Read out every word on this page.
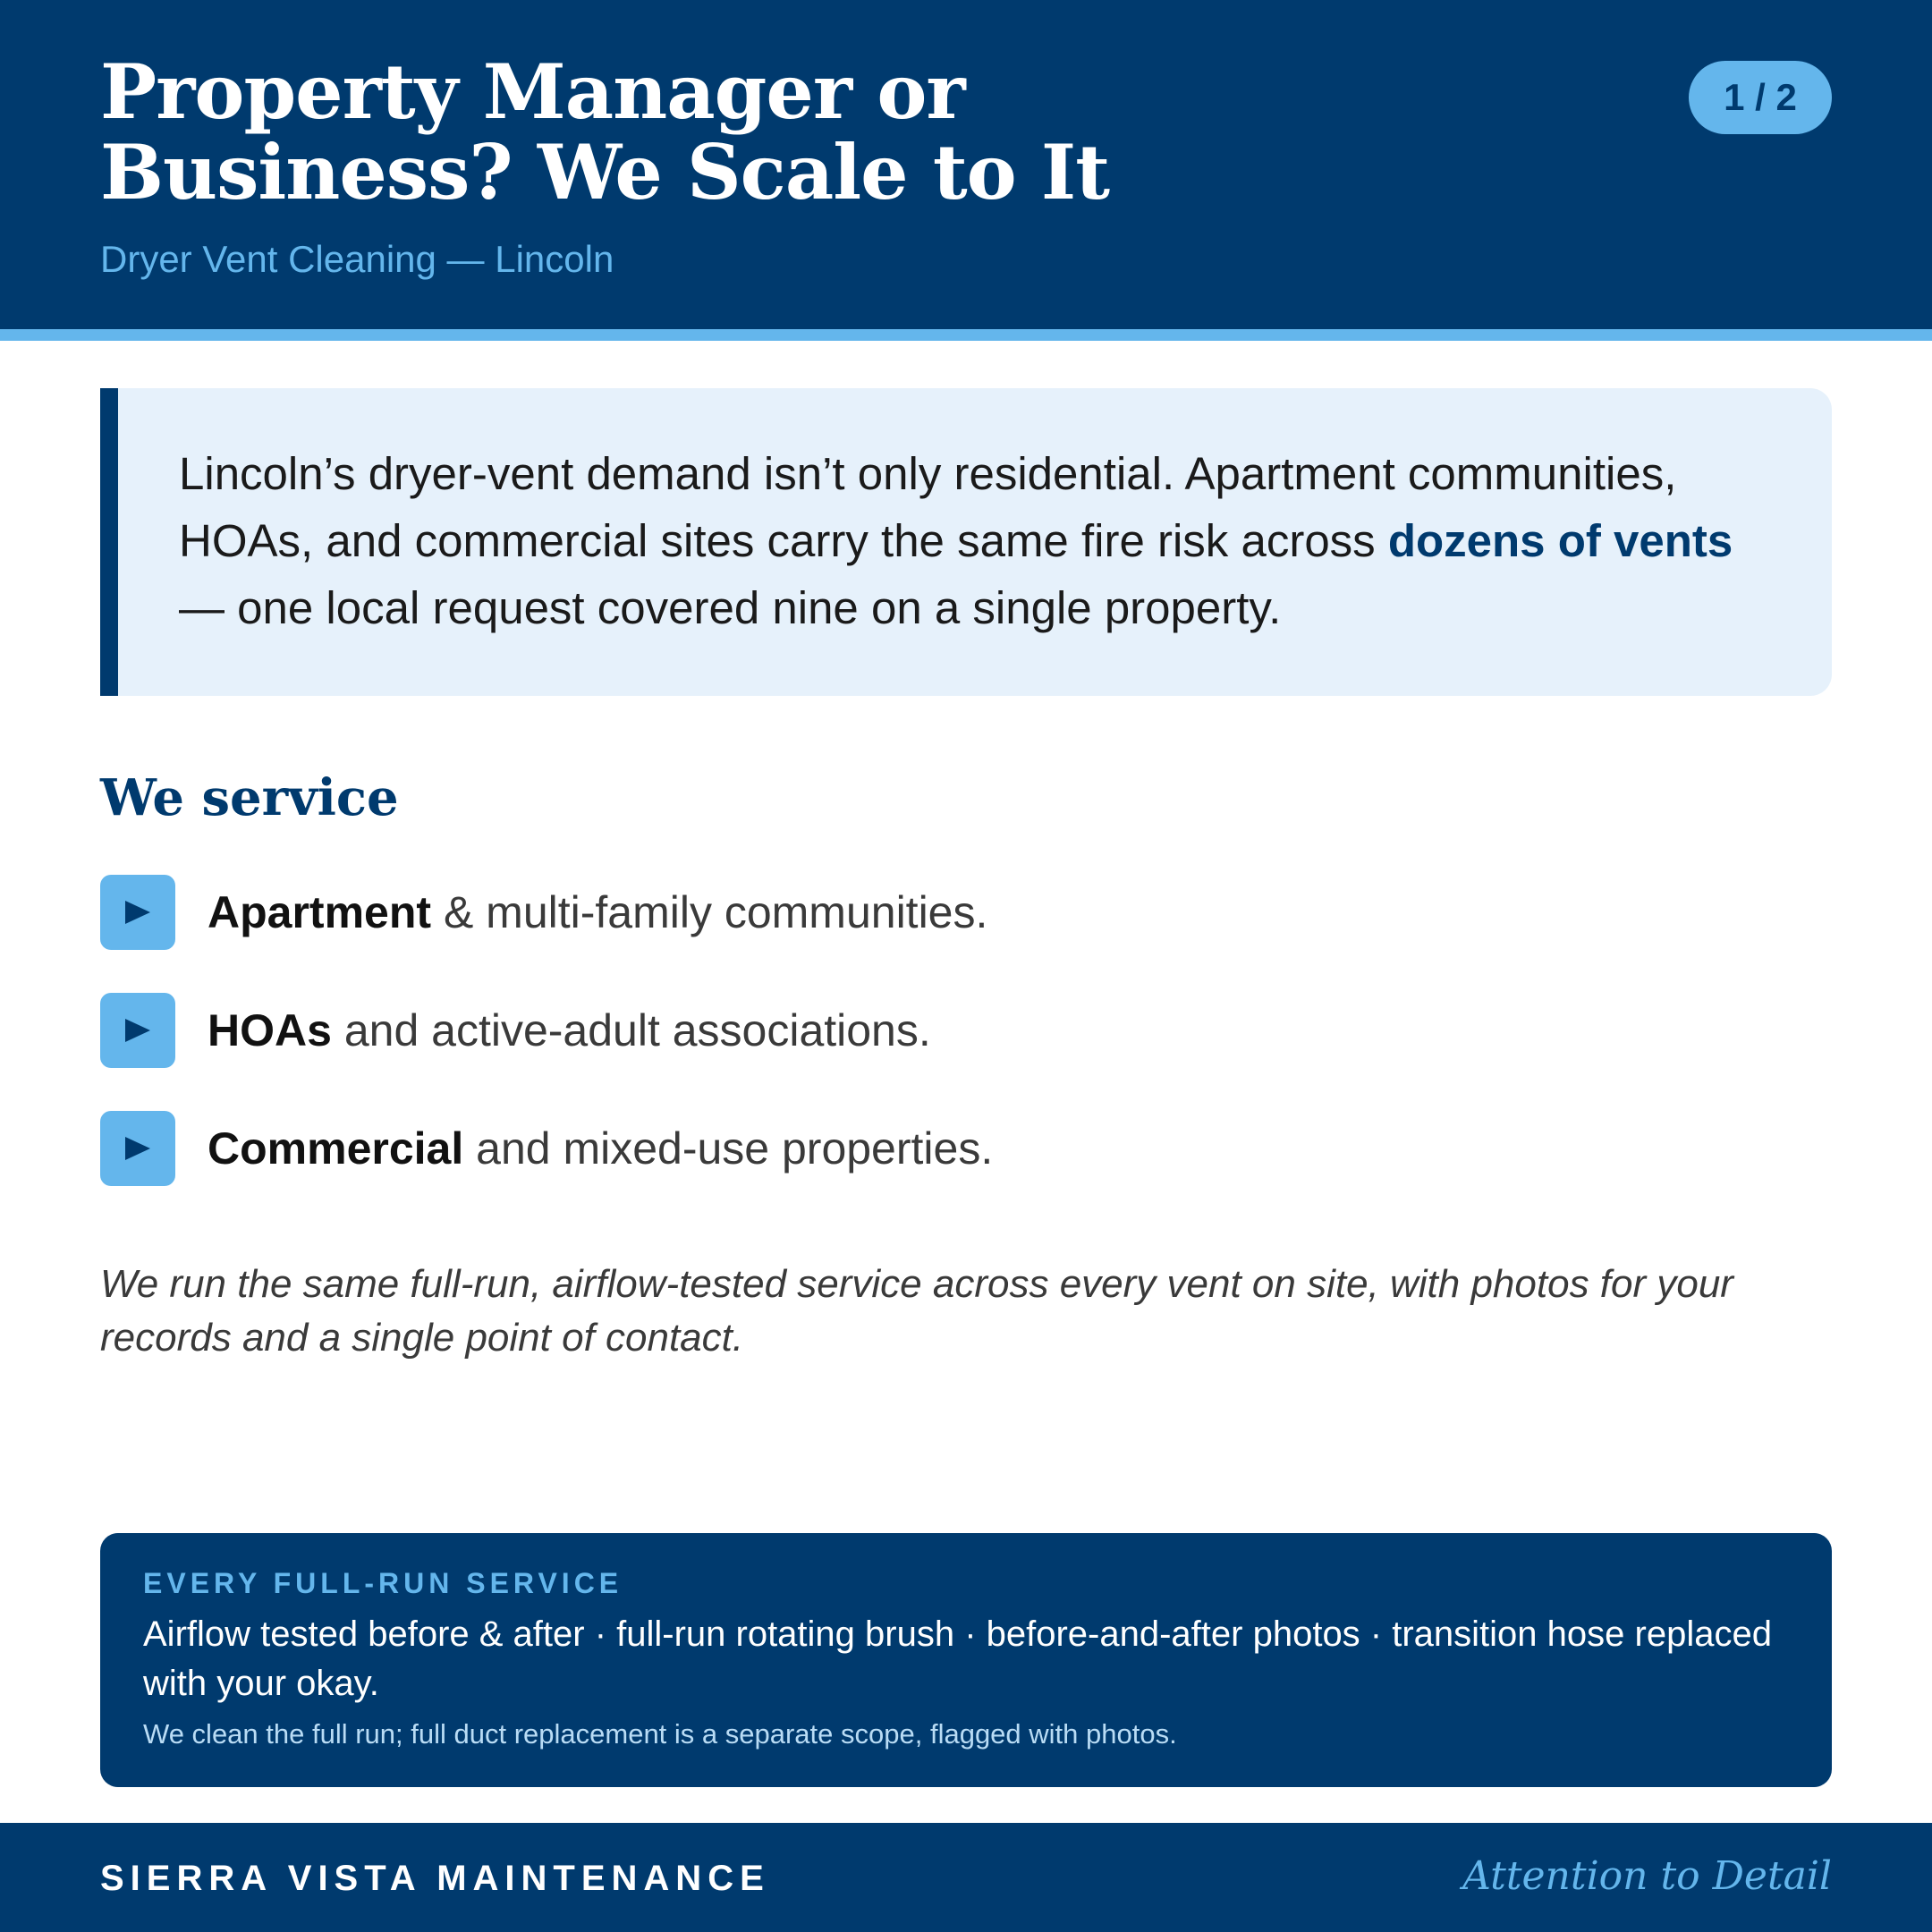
Property Manager or
Business? We Scale to It
Dryer Vent Cleaning — Lincoln
1 / 2
Lincoln’s dryer-vent demand isn’t only residential. Apartment communities, HOAs, and commercial sites carry the same fire risk across dozens of vents — one local request covered nine on a single property.
We service
Apartment & multi-family communities.
HOAs and active-adult associations.
Commercial and mixed-use properties.
We run the same full-run, airflow-tested service across every vent on site, with photos for your records and a single point of contact.
EVERY FULL-RUN SERVICE
Airflow tested before & after · full-run rotating brush · before-and-after photos · transition hose replaced with your okay.
We clean the full run; full duct replacement is a separate scope, flagged with photos.
SIERRA VISTA MAINTENANCE	Attention to Detail
